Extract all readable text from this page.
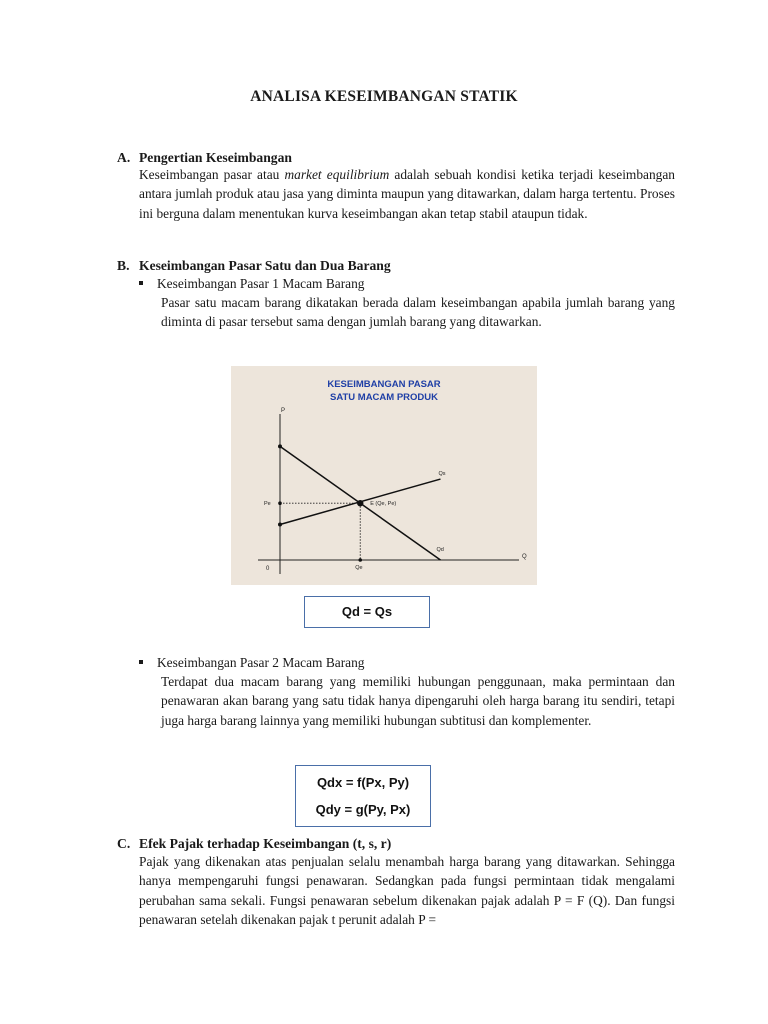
ANALISA KESEIMBANGAN STATIK
A. Pengertian Keseimbangan

Keseimbangan pasar atau market equilibrium adalah sebuah kondisi ketika terjadi keseimbangan antara jumlah produk atau jasa yang diminta maupun yang ditawarkan, dalam harga tertentu. Proses ini berguna dalam menentukan kurva keseimbangan akan tetap stabil ataupun tidak.

B. Keseimbangan Pasar Satu dan Dua Barang
Keseimbangan Pasar 1 Macam Barang

Pasar satu macam barang dikatakan berada dalam keseimbangan apabila jumlah barang yang diminta di pasar tersebut sama dengan jumlah barang yang ditawarkan.

KESEIMBANGAN PASAR
SATU MACAM PRODUK
P
Q
0
Qd
Qs
E (Qe, Pe)
Pe
Qe
Qd = Qs
Keseimbangan Pasar 2 Macam Barang

Terdapat dua macam barang yang memiliki hubungan penggunaan, maka permintaan dan penawaran akan barang yang satu tidak hanya dipengaruhi oleh harga barang itu sendiri, tetapi juga harga barang lainnya yang memiliki hubungan subtitusi dan komplementer.

Qdx = f(Px, Py)
Qdy = g(Py, Px)
C. Efek Pajak terhadap Keseimbangan (t, s, r)

Pajak yang dikenakan atas penjualan selalu menambah harga barang yang ditawarkan. Sehingga hanya mempengaruhi fungsi penawaran. Sedangkan pada fungsi permintaan tidak mengalami perubahan sama sekali. Fungsi penawaran sebelum dikenakan pajak adalah P = F (Q). Dan fungsi penawaran setelah dikenakan pajak t perunit adalah P =
